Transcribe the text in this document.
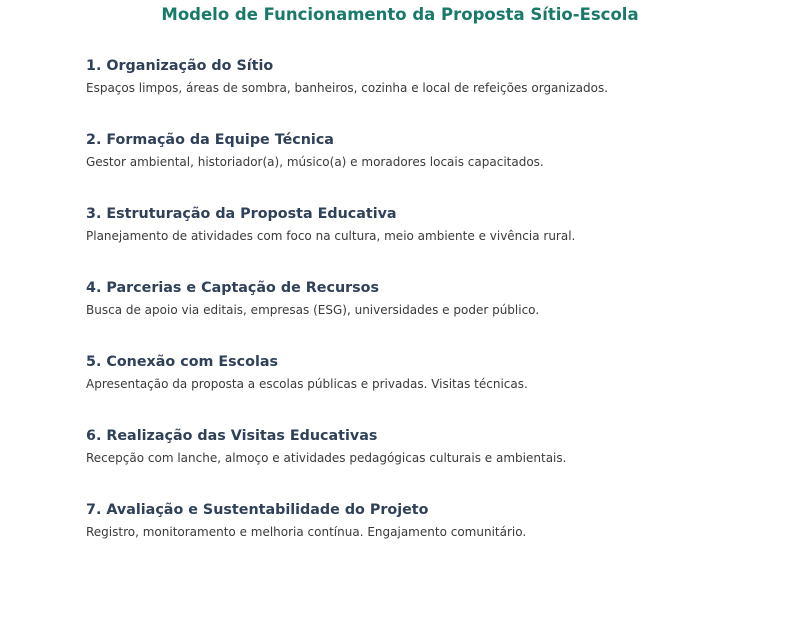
Modelo de Funcionamento da Proposta Sítio-Escola
1. Organização do Sítio

Espaços limpos, áreas de sombra, banheiros, cozinha e local de refeições organizados.

2. Formação da Equipe Técnica

Gestor ambiental, historiador(a), músico(a) e moradores locais capacitados.

3. Estruturação da Proposta Educativa

Planejamento de atividades com foco na cultura, meio ambiente e vivência rural.

4. Parcerias e Captação de Recursos

Busca de apoio via editais, empresas (ESG), universidades e poder público.

5. Conexão com Escolas

Apresentação da proposta a escolas públicas e privadas. Visitas técnicas.

6. Realização das Visitas Educativas

Recepção com lanche, almoço e atividades pedagógicas culturais e ambientais.

7. Avaliação e Sustentabilidade do Projeto

Registro, monitoramento e melhoria contínua. Engajamento comunitário.
